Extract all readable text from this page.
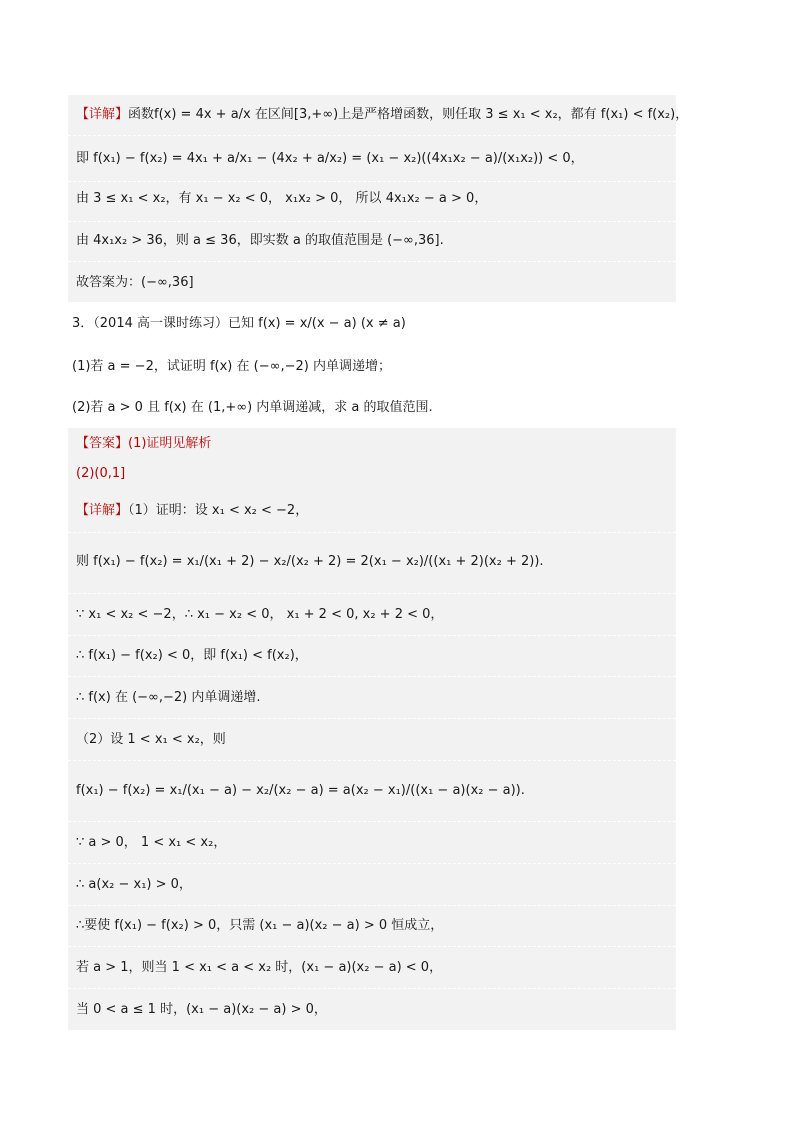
【详解】函数f(x) = 4x + a/x 在区间[3,+∞)上是严格增函数，则任取 3 ≤ x₁ < x₂，都有 f(x₁) < f(x₂)，
即 f(x₁) − f(x₂) = 4x₁ + a/x₁ − (4x₂ + a/x₂) = (x₁ − x₂)((4x₁x₂ − a)/(x₁x₂)) < 0，
由 3 ≤ x₁ < x₂，有 x₁ − x₂ < 0， x₁x₂ > 0， 所以 4x₁x₂ − a > 0，
由 4x₁x₂ > 36，则 a ≤ 36，即实数 a 的取值范围是 (−∞,36].
故答案为：(−∞,36]
3．（2014 高一课时练习）已知 f(x) = x/(x − a) (x ≠ a)
(1)若 a = −2，试证明 f(x) 在 (−∞,−2) 内单调递增；
(2)若 a > 0 且 f(x) 在 (1,+∞) 内单调递减，求 a 的取值范围.
【答案】(1)证明见解析
(2)(0,1]
【详解】（1）证明：设 x₁ < x₂ < −2，
则 f(x₁) − f(x₂) = x₁/(x₁ + 2) − x₂/(x₂ + 2) = 2(x₁ − x₂)/((x₁ + 2)(x₂ + 2)).
∵ x₁ < x₂ < −2，∴ x₁ − x₂ < 0， x₁ + 2 < 0, x₂ + 2 < 0，
∴ f(x₁) − f(x₂) < 0，即 f(x₁) < f(x₂)，
∴ f(x) 在 (−∞,−2) 内单调递增.
（2）设 1 < x₁ < x₂，则
f(x₁) − f(x₂) = x₁/(x₁ − a) − x₂/(x₂ − a) = a(x₂ − x₁)/((x₁ − a)(x₂ − a)).
∵ a > 0， 1 < x₁ < x₂，
∴ a(x₂ − x₁) > 0，
∴要使 f(x₁) − f(x₂) > 0，只需 (x₁ − a)(x₂ − a) > 0 恒成立，
若 a > 1，则当 1 < x₁ < a < x₂ 时，(x₁ − a)(x₂ − a) < 0，
当 0 < a ≤ 1 时，(x₁ − a)(x₂ − a) > 0，
